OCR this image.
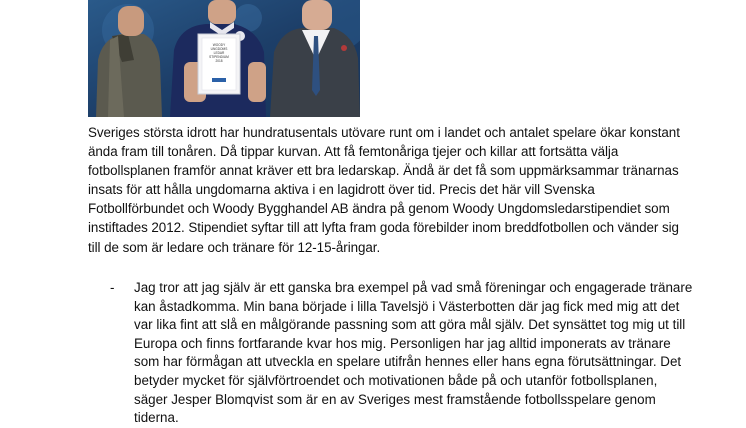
WOODY
UNGDOMS
LEDAR
STIPENDIUM
2018

Sveriges största idrott har hundratusentals utövare runt om i landet och antalet spelare ökar konstant
ända fram till tonåren. Då tippar kurvan. Att få femtonåriga tjejer och killar att fortsätta välja
fotbollsplanen framför annat kräver ett bra ledarskap. Ändå är det få som uppmärksammar tränarnas
insats för att hålla ungdomarna aktiva i en lagidrott över tid. Precis det här vill Svenska
Fotbollförbundet och Woody Bygghandel AB ändra på genom Woody Ungdomsledarstipendiet som
instiftades 2012. Stipendiet syftar till att lyfta fram goda förebilder inom breddfotbollen och vänder sig
till de som är ledare och tränare för 12-15-åringar.

- Jag tror att jag själv är ett ganska bra exempel på vad små föreningar och engagerade tränare
kan åstadkomma. Min bana började i lilla Tavelsjö i Västerbotten där jag fick med mig att det
var lika fint att slå en målgörande passning som att göra mål själv. Det synsättet tog mig ut till
Europa och finns fortfarande kvar hos mig. Personligen har jag alltid imponerats av tränare
som har förmågan att utveckla en spelare utifrån hennes eller hans egna förutsättningar. Det
betyder mycket för självförtroendet och motivationen både på och utanför fotbollsplanen,
säger Jesper Blomqvist som är en av Sveriges mest framstående fotbollsspelare genom
tiderna.
